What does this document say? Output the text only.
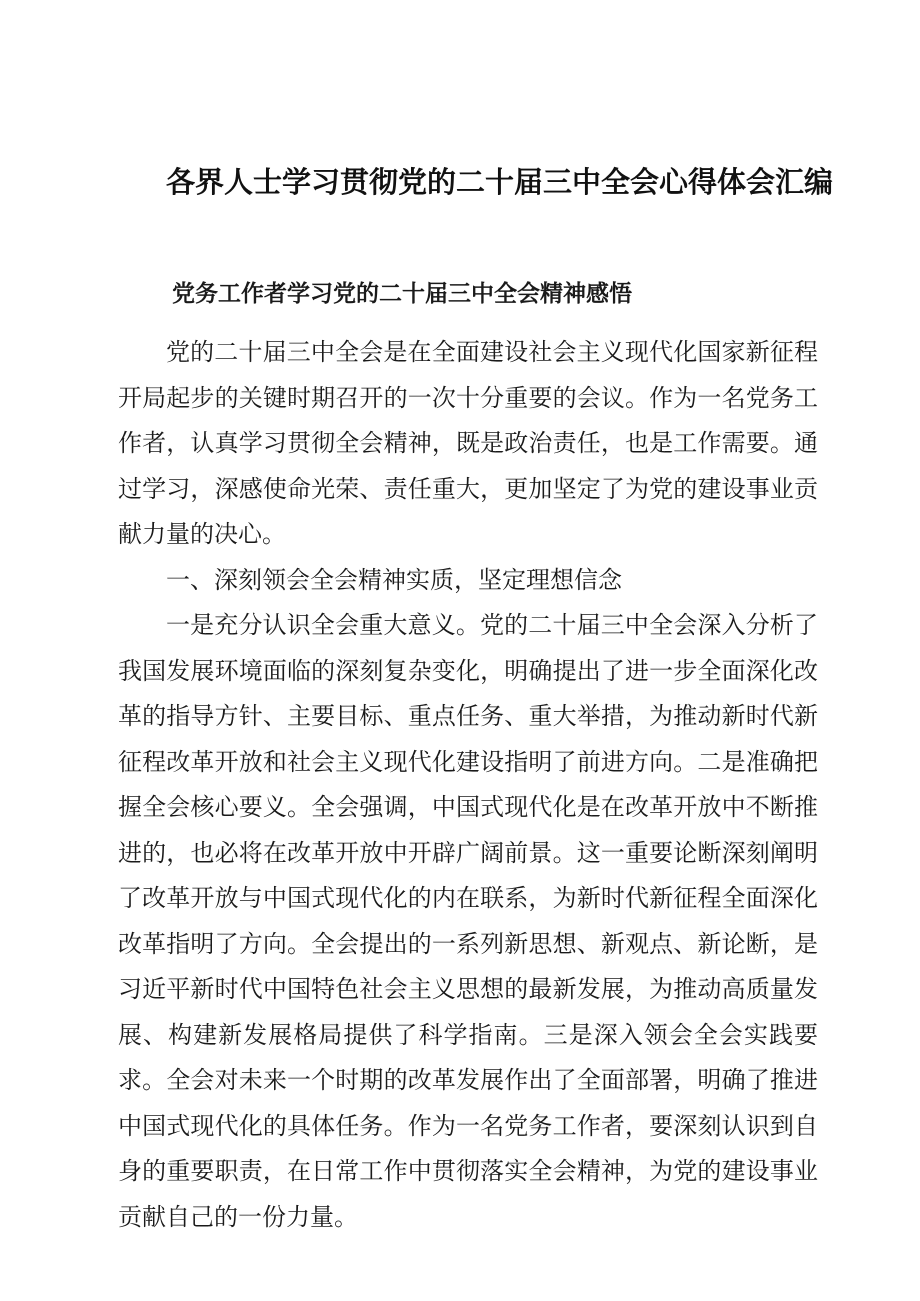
各界人士学习贯彻党的二十届三中全会心得体会汇编
党务工作者学习党的二十届三中全会精神感悟

党的二十届三中全会是在全面建设社会主义现代化国家新征程开局起步的关键时期召开的一次十分重要的会议。作为一名党务工作者，认真学习贯彻全会精神，既是政治责任，也是工作需要。通过学习，深感使命光荣、责任重大，更加坚定了为党的建设事业贡献力量的决心。

一、深刻领会全会精神实质，坚定理想信念

一是充分认识全会重大意义。党的二十届三中全会深入分析了我国发展环境面临的深刻复杂变化，明确提出了进一步全面深化改革的指导方针、主要目标、重点任务、重大举措，为推动新时代新征程改革开放和社会主义现代化建设指明了前进方向。二是准确把握全会核心要义。全会强调，中国式现代化是在改革开放中不断推进的，也必将在改革开放中开辟广阔前景。这一重要论断深刻阐明了改革开放与中国式现代化的内在联系，为新时代新征程全面深化改革指明了方向。全会提出的一系列新思想、新观点、新论断，是习近平新时代中国特色社会主义思想的最新发展，为推动高质量发展、构建新发展格局提供了科学指南。三是深入领会全会实践要求。全会对未来一个时期的改革发展作出了全面部署，明确了推进中国式现代化的具体任务。作为一名党务工作者，要深刻认识到自身的重要职责，在日常工作中贯彻落实全会精神，为党的建设事业贡献自己的一份力量。
